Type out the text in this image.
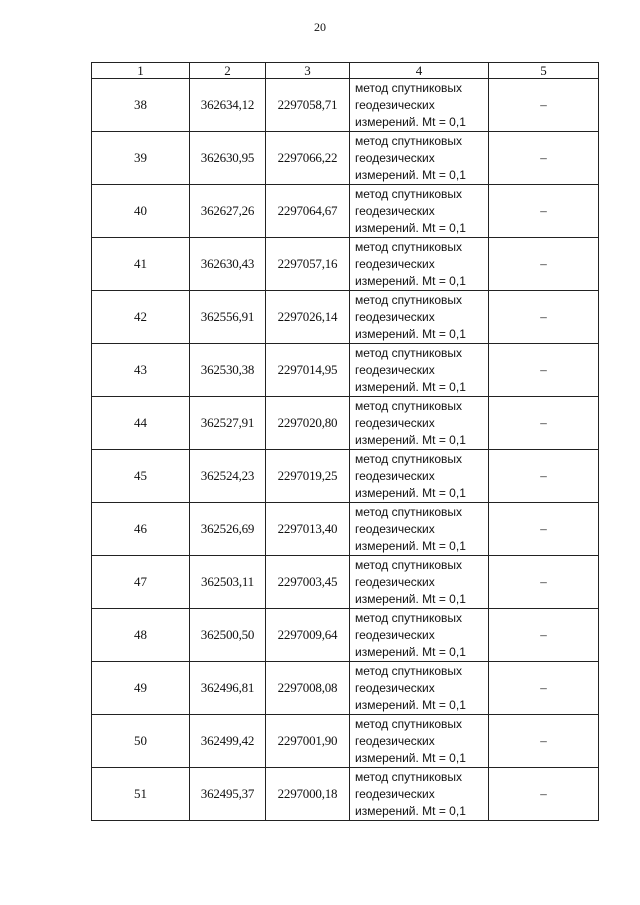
20
1	2	3	4	5
38	362634,12	2297058,71	метод спутниковых
геодезических
измерений. Mt = 0,1	–
39	362630,95	2297066,22	метод спутниковых
геодезических
измерений. Mt = 0,1	–
40	362627,26	2297064,67	метод спутниковых
геодезических
измерений. Mt = 0,1	–
41	362630,43	2297057,16	метод спутниковых
геодезических
измерений. Mt = 0,1	–
42	362556,91	2297026,14	метод спутниковых
геодезических
измерений. Mt = 0,1	–
43	362530,38	2297014,95	метод спутниковых
геодезических
измерений. Mt = 0,1	–
44	362527,91	2297020,80	метод спутниковых
геодезических
измерений. Mt = 0,1	–
45	362524,23	2297019,25	метод спутниковых
геодезических
измерений. Mt = 0,1	–
46	362526,69	2297013,40	метод спутниковых
геодезических
измерений. Mt = 0,1	–
47	362503,11	2297003,45	метод спутниковых
геодезических
измерений. Mt = 0,1	–
48	362500,50	2297009,64	метод спутниковых
геодезических
измерений. Mt = 0,1	–
49	362496,81	2297008,08	метод спутниковых
геодезических
измерений. Mt = 0,1	–
50	362499,42	2297001,90	метод спутниковых
геодезических
измерений. Mt = 0,1	–
51	362495,37	2297000,18	метод спутниковых
геодезических
измерений. Mt = 0,1	–
